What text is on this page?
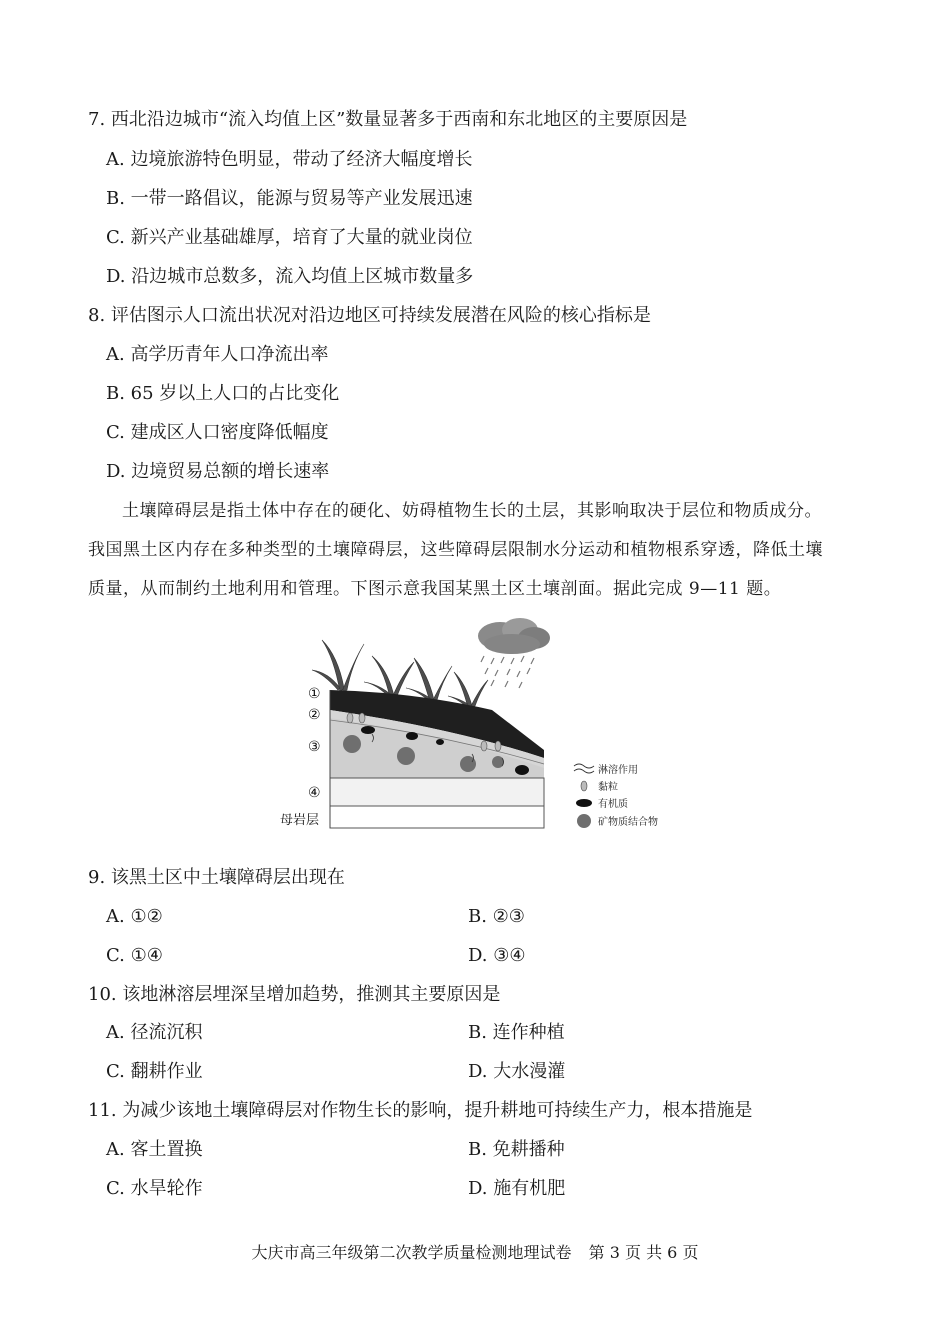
7. 西北沿边城市“流入均值上区”数量显著多于西南和东北地区的主要原因是
A. 边境旅游特色明显，带动了经济大幅度增长
B. 一带一路倡议，能源与贸易等产业发展迅速
C. 新兴产业基础雄厚，培育了大量的就业岗位
D. 沿边城市总数多，流入均值上区城市数量多
8. 评估图示人口流出状况对沿边地区可持续发展潜在风险的核心指标是
A. 高学历青年人口净流出率
B. 65 岁以上人口的占比变化
C. 建成区人口密度降低幅度
D. 边境贸易总额的增长速率
土壤障碍层是指土体中存在的硬化、妨碍植物生长的土层，其影响取决于层位和物质成分。
我国黑土区内存在多种类型的土壤障碍层，这些障碍层限制水分运动和植物根系穿透，降低土壤
质量，从而制约土地利用和管理。下图示意我国某黑土区土壤剖面。据此完成 9—11 题。
①
②
③
④
母岩层
淋溶作用
黏粒
有机质
矿物质结合物
9. 该黑土区中土壤障碍层出现在
A. ①②	B. ②③
C. ①④	D. ③④
10. 该地淋溶层埋深呈增加趋势，推测其主要原因是
A. 径流沉积	B. 连作种植
C. 翻耕作业	D. 大水漫灌
11. 为减少该地土壤障碍层对作物生长的影响，提升耕地可持续生产力，根本措施是
A. 客土置换	B. 免耕播种
C. 水旱轮作	D. 施有机肥
大庆市高三年级第二次教学质量检测地理试卷 第 3 页 共 6 页
